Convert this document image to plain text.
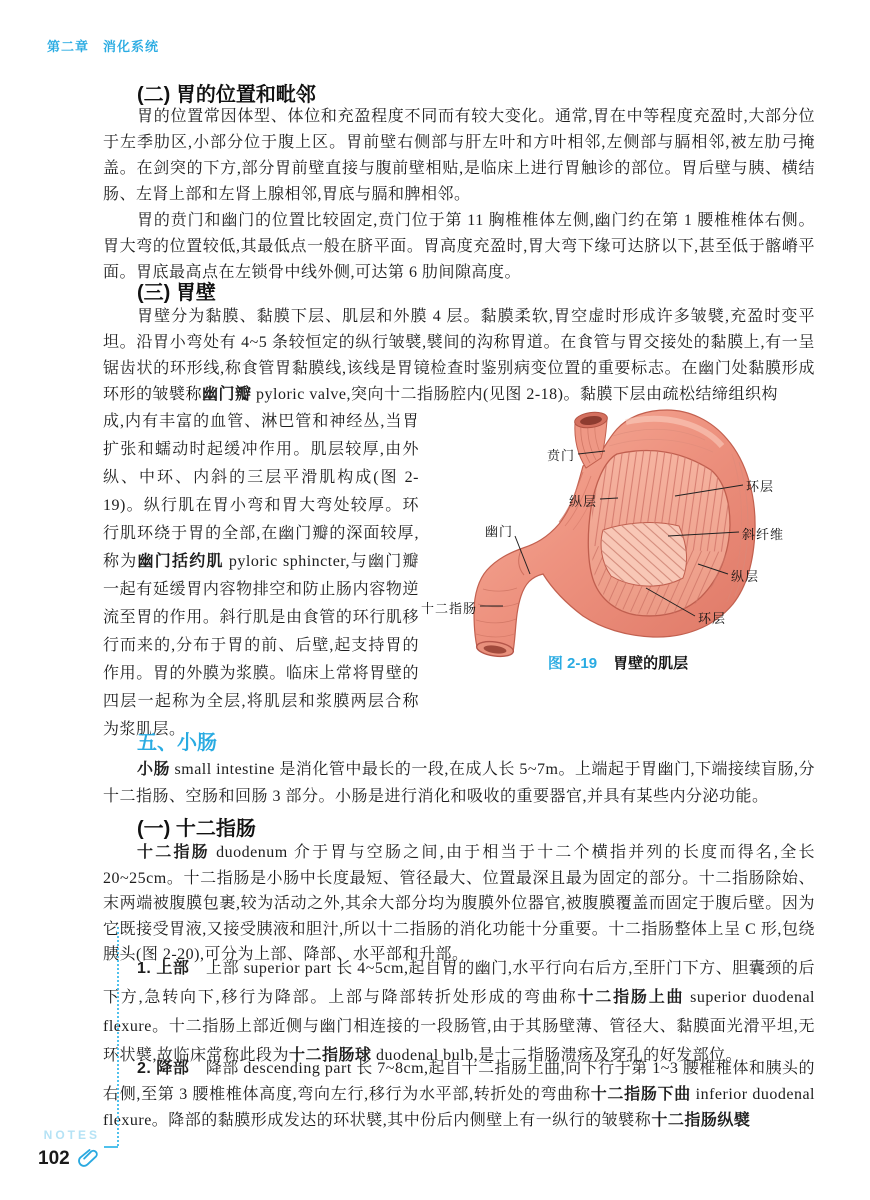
第二章 消化系统
(二) 胃的位置和毗邻

胃的位置常因体型、体位和充盈程度不同而有较大变化。通常,胃在中等程度充盈时,大部分位于左季肋区,小部分位于腹上区。胃前壁右侧部与肝左叶和方叶相邻,左侧部与膈相邻,被左肋弓掩盖。在剑突的下方,部分胃前壁直接与腹前壁相贴,是临床上进行胃触诊的部位。胃后壁与胰、横结肠、左肾上部和左肾上腺相邻,胃底与膈和脾相邻。

胃的贲门和幽门的位置比较固定,贲门位于第 11 胸椎椎体左侧,幽门约在第 1 腰椎椎体右侧。胃大弯的位置较低,其最低点一般在脐平面。胃高度充盈时,胃大弯下缘可达脐以下,甚至低于髂嵴平面。胃底最高点在左锁骨中线外侧,可达第 6 肋间隙高度。

(三) 胃壁

胃壁分为黏膜、黏膜下层、肌层和外膜 4 层。黏膜柔软,胃空虚时形成许多皱襞,充盈时变平坦。沿胃小弯处有 4~5 条较恒定的纵行皱襞,襞间的沟称胃道。在食管与胃交接处的黏膜上,有一呈锯齿状的环形线,称食管胃黏膜线,该线是胃镜检查时鉴别病变位置的重要标志。在幽门处黏膜形成环形的皱襞称幽门瓣 pyloric valve,突向十二指肠腔内(见图 2-18)。黏膜下层由疏松结缔组织构

成,内有丰富的血管、淋巴管和神经丛,当胃扩张和蠕动时起缓冲作用。肌层较厚,由外纵、中环、内斜的三层平滑肌构成(图 2-19)。纵行肌在胃小弯和胃大弯处较厚。环行肌环绕于胃的全部,在幽门瓣的深面较厚,称为幽门括约肌 pyloric sphincter,与幽门瓣一起有延缓胃内容物排空和防止肠内容物逆流至胃的作用。斜行肌是由食管的环行肌移行而来的,分布于胃的前、后壁,起支持胃的作用。胃的外膜为浆膜。临床上常将胃壁的四层一起称为全层,将肌层和浆膜两层合称为浆肌层。

贲门
纵层
幽门
十二指肠
环层
斜纤维
纵层
环层
图 2-19 胃壁的肌层
五、小肠

小肠 small intestine 是消化管中最长的一段,在成人长 5~7m。上端起于胃幽门,下端接续盲肠,分十二指肠、空肠和回肠 3 部分。小肠是进行消化和吸收的重要器官,并具有某些内分泌功能。

(一) 十二指肠

十二指肠 duodenum 介于胃与空肠之间,由于相当于十二个横指并列的长度而得名,全长 20~25cm。十二指肠是小肠中长度最短、管径最大、位置最深且最为固定的部分。十二指肠除始、末两端被腹膜包裹,较为活动之外,其余大部分均为腹膜外位器官,被腹膜覆盖而固定于腹后壁。因为它既接受胃液,又接受胰液和胆汁,所以十二指肠的消化功能十分重要。十二指肠整体上呈 C 形,包绕胰头(图 2-20),可分为上部、降部、水平部和升部。

1. 上部　上部 superior part 长 4~5cm,起自胃的幽门,水平行向右后方,至肝门下方、胆囊颈的后下方,急转向下,移行为降部。上部与降部转折处形成的弯曲称十二指肠上曲 superior duodenal flexure。十二指肠上部近侧与幽门相连接的一段肠管,由于其肠壁薄、管径大、黏膜面光滑平坦,无环状襞,故临床常称此段为十二指肠球 duodenal bulb,是十二指肠溃疡及穿孔的好发部位。

2. 降部　降部 descending part 长 7~8cm,起自十二指肠上曲,向下行于第 1~3 腰椎椎体和胰头的右侧,至第 3 腰椎椎体高度,弯向左行,移行为水平部,转折处的弯曲称十二指肠下曲 inferior duodenal flexure。降部的黏膜形成发达的环状襞,其中份后内侧壁上有一纵行的皱襞称十二指肠纵襞

NOTES
102
